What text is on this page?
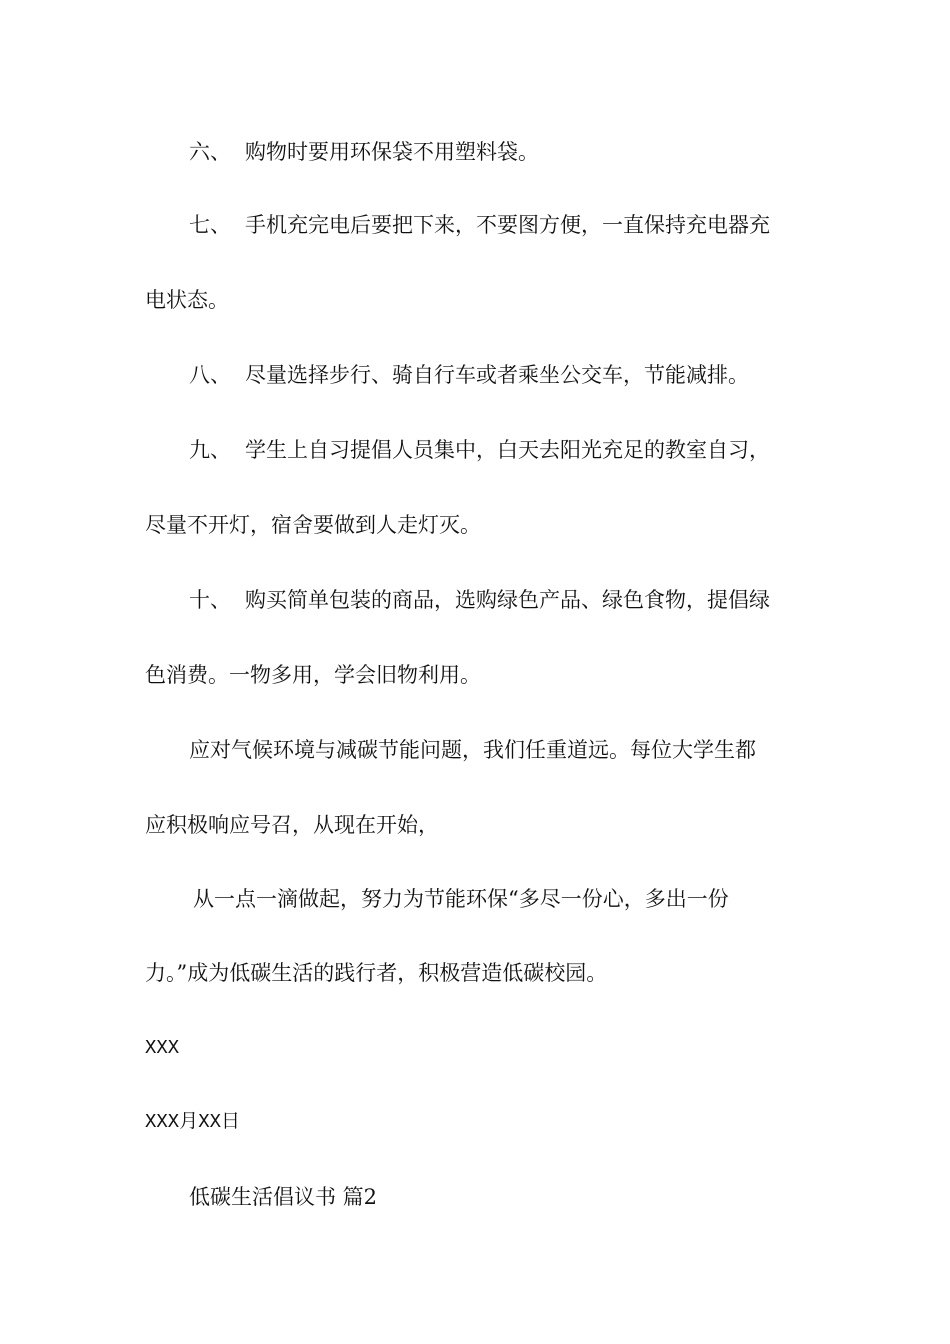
六、 购物时要用环保袋不用塑料袋。
七、 手机充完电后要把下来，不要图方便，一直保持充电器充
电状态。
八、 尽量选择步行、骑自行车或者乘坐公交车，节能减排。
九、 学生上自习提倡人员集中，白天去阳光充足的教室自习，
尽量不开灯，宿舍要做到人走灯灭。
十、 购买简单包装的商品，选购绿色产品、绿色食物，提倡绿
色消费。一物多用，学会旧物利用。
应对气候环境与减碳节能问题，我们任重道远。每位大学生都
应积极响应号召，从现在开始，
从一点一滴做起，努力为节能环保“多尽一份心，多出一份
力。”成为低碳生活的践行者，积极营造低碳校园。
XXX
XXX月XX日
低碳生活倡议书 篇2
